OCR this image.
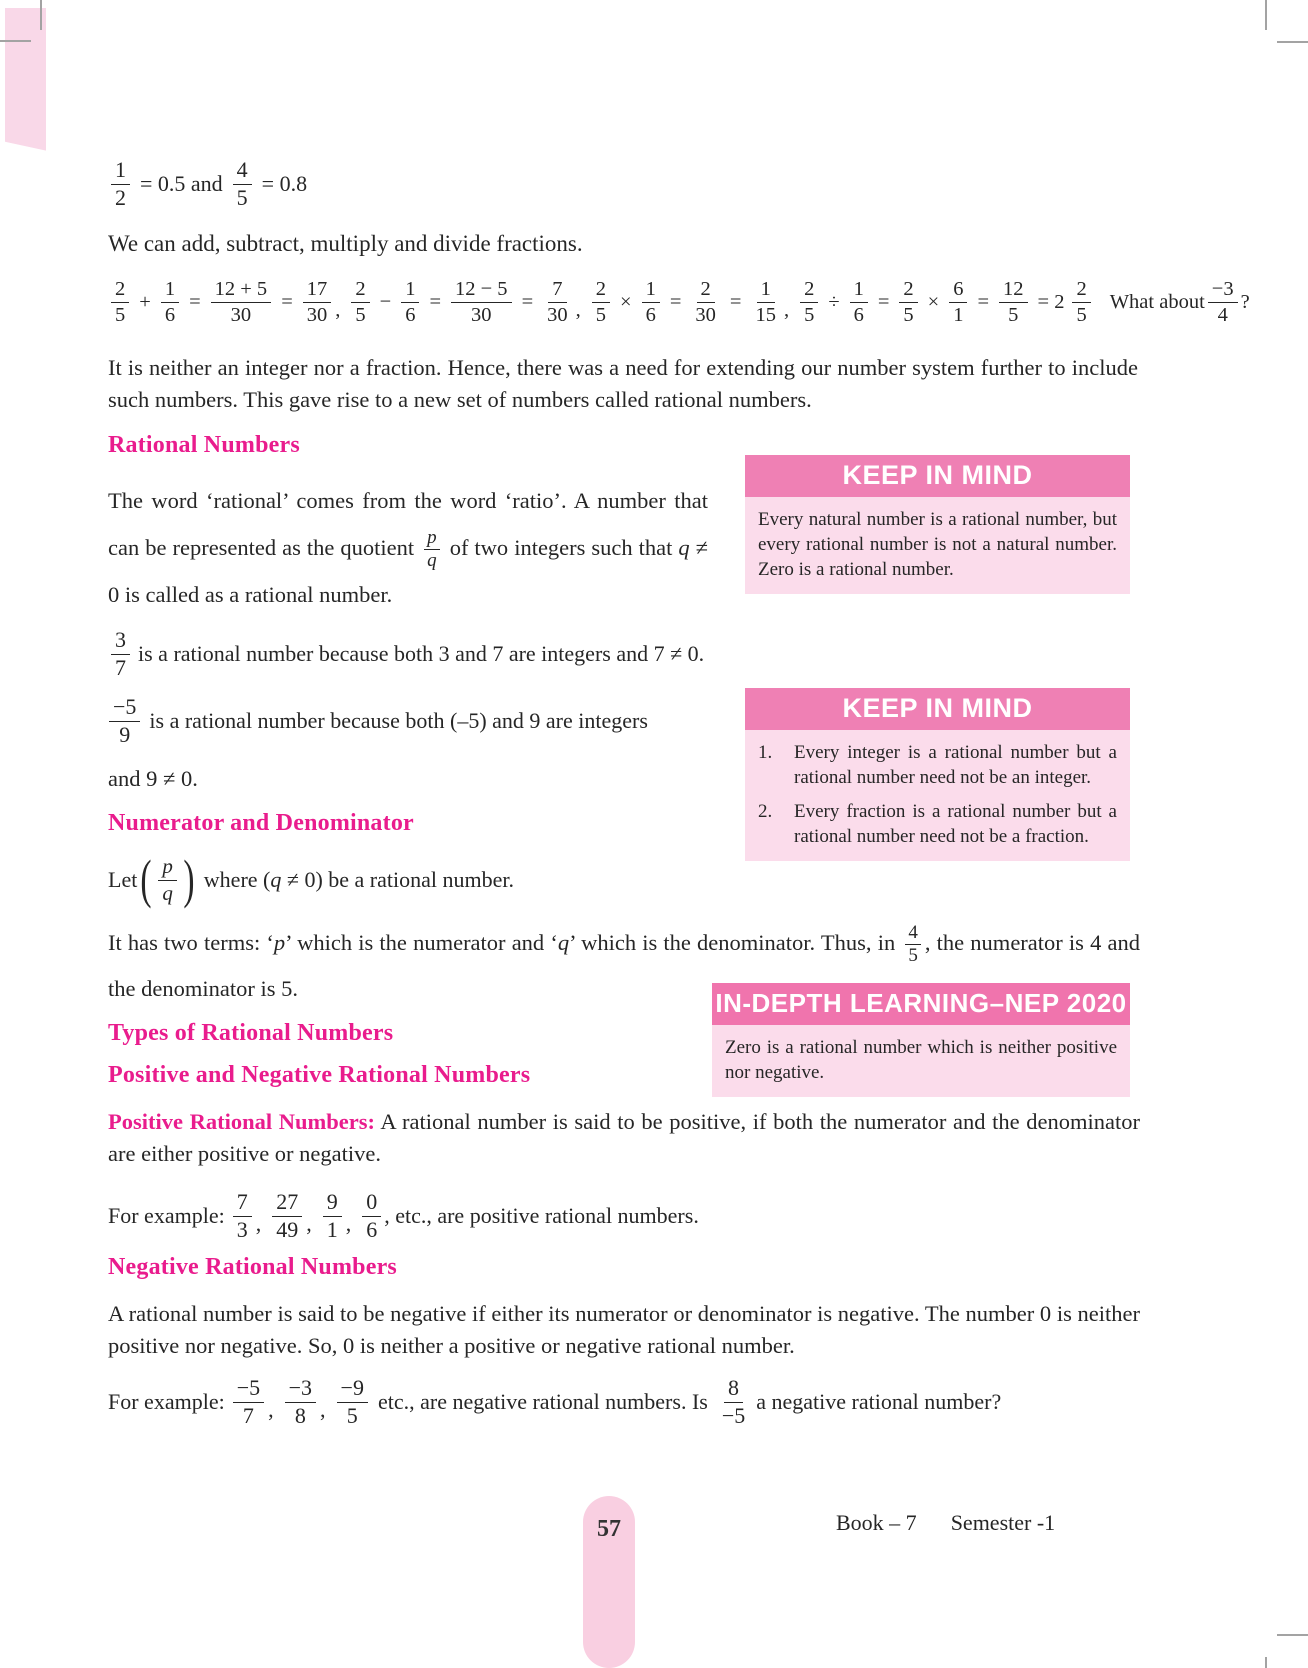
$\frac{1}{2} = 0.5$ and $\frac{4}{5} = 0.8$
We can add, subtract, multiply and divide fractions.
2
5
+ $\frac{1}{6} = \frac{12 + 5}{30} = \frac{17}{30}$ ,
2
5
− $\frac{1}{6} = \frac{12 - 5}{30} = \frac{7}{30}$ , $\frac{2}{5} \times \frac{1}{6} = \frac{2}{30} = \frac{1}{15}$ , $\frac{2}{5} \div \frac{1}{6} = \frac{2}{5} \times \frac{6}{1} = \frac{12}{5} = 2$
2
5
What about
−3
4
?
It is neither an integer nor a fraction. Hence, there was a need for extending our number system further to include such numbers. This gave rise to a new set of numbers called rational numbers.
Rational Numbers
The word ‘rational’ comes from the word ‘ratio’. A number that can be represented as the quotient $\frac{p}{q}$ of two integers such that q ≠ 0 is called as a rational number.
KEEP IN MIND
Every natural number is a rational number, but every rational number is not a natural number. Zero is a rational number.
3
7
is a rational number because both 3 and 7 are integers and 7 ≠ 0.
−5
9
is a rational number because both (–5) and 9 are integers
and 9 ≠ 0.
KEEP IN MIND
1.	Every integer is a rational number but a rational number need not be an integer.
2.	Every fraction is a rational number but a rational number need not be a fraction.
Numerator and Denominator
Let ( p
q ) where (q ≠ 0) be a rational number.
It has two terms: ‘p’ which is the numerator and ‘q’ which is the denominator. Thus, in $\frac{4}{5}$ , the numerator is 4 and the denominator is 5.
Types of Rational Numbers
Positive and Negative Rational Numbers
IN-DEPTH LEARNING–NEP 2020
Zero is a rational number which is neither positive nor negative.
Positive Rational Numbers: A rational number is said to be positive, if both the numerator and the denominator are either positive or negative.
For example:
7
3 ,
27
49 ,
9
1 ,
0
6
, etc., are positive rational numbers.
Negative Rational Numbers
A rational number is said to be negative if either its numerator or denominator is negative. The number 0 is neither positive nor negative. So, 0 is neither a positive or negative rational number.
For example:
−5
7 ,
−3
8 ,
−9
5
etc., are negative rational numbers. Is
8
−5
a negative rational number?
57	Book – 7 Semester -1
